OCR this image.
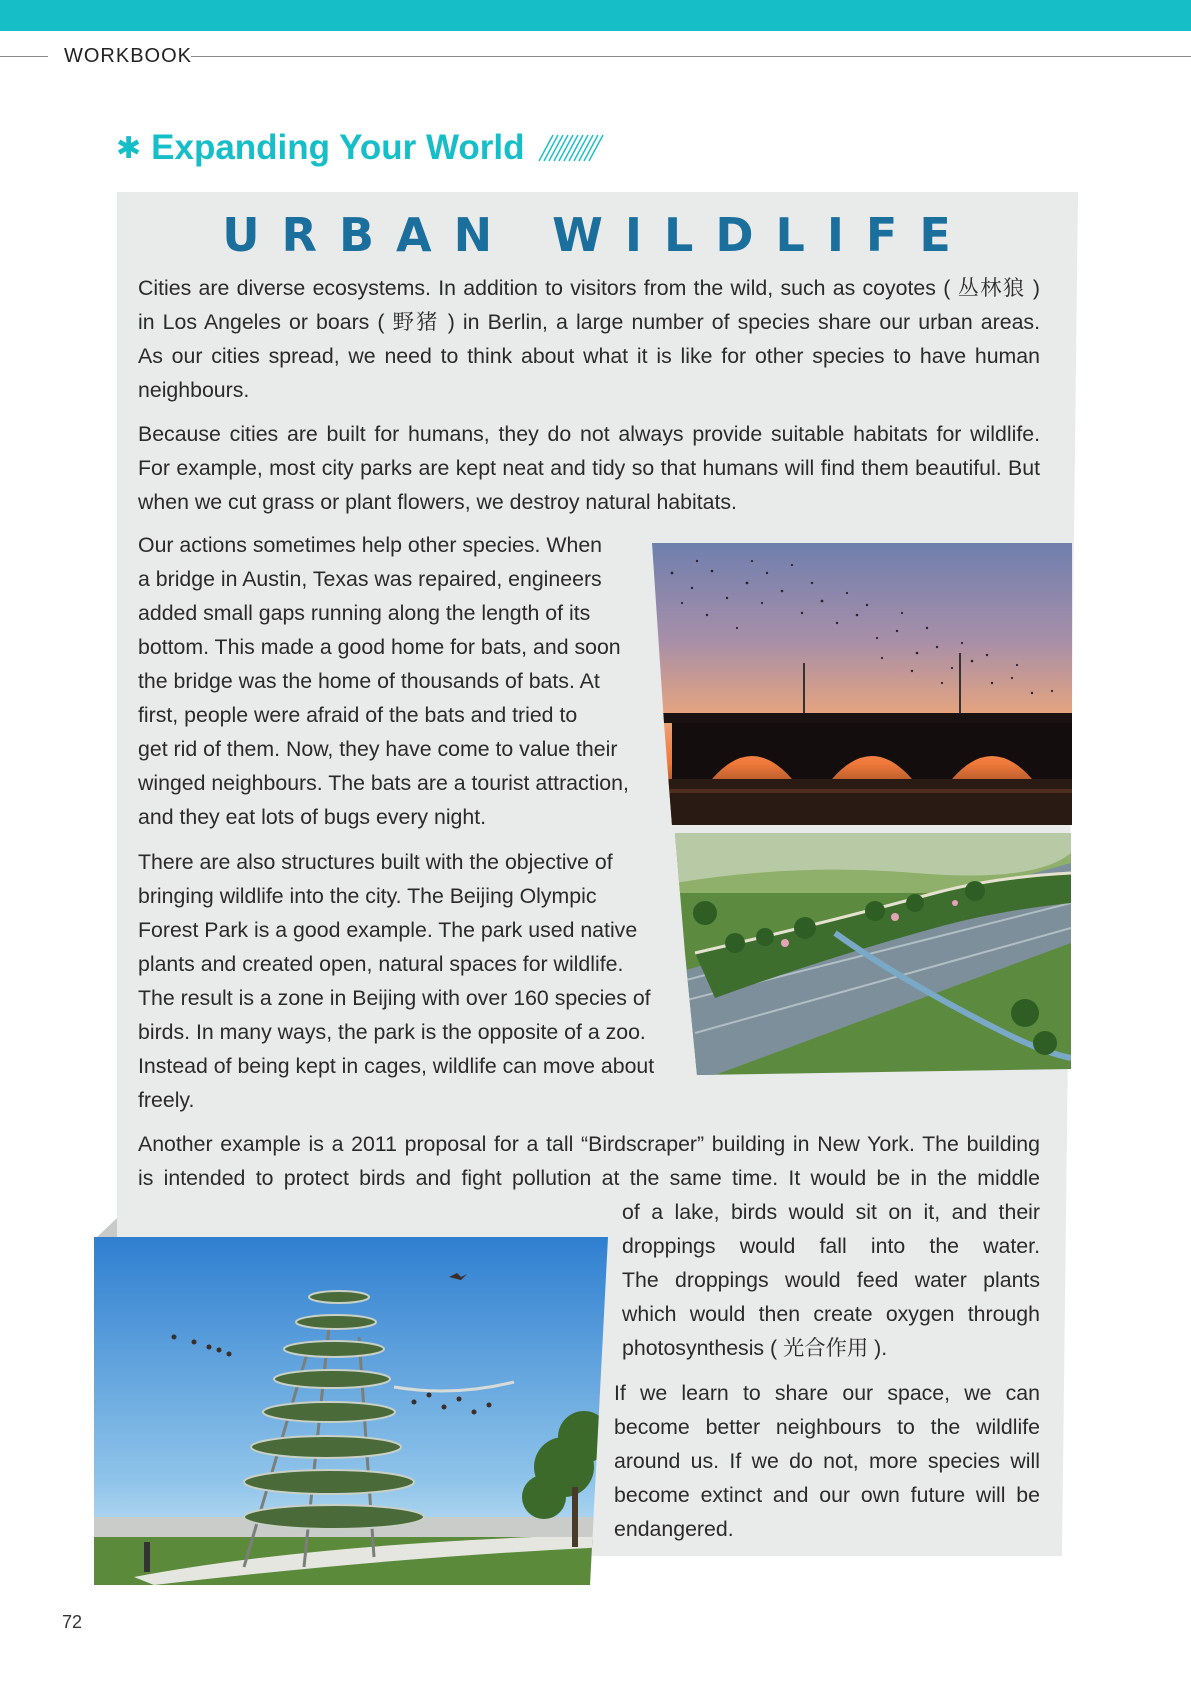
WORKBOOK
✱ Expanding Your World
URBAN WILDLIFE
Cities are diverse ecosystems. In addition to visitors from the wild, such as coyotes ( 丛林狼 )
in Los Angeles or boars ( 野猪 ) in Berlin, a large number of species share our urban areas.
As our cities spread, we need to think about what it is like for other species to have human
neighbours.
Because cities are built for humans, they do not always provide suitable habitats for wildlife.
For example, most city parks are kept neat and tidy so that humans will find them beautiful. But
when we cut grass or plant flowers, we destroy natural habitats.
Our actions sometimes help other species. When
a bridge in Austin, Texas was repaired, engineers
added small gaps running along the length of its
bottom. This made a good home for bats, and soon
the bridge was the home of thousands of bats. At
first, people were afraid of the bats and tried to
get rid of them. Now, they have come to value their
winged neighbours. The bats are a tourist attraction,
and they eat lots of bugs every night.
There are also structures built with the objective of
bringing wildlife into the city. The Beijing Olympic
Forest Park is a good example. The park used native
plants and created open, natural spaces for wildlife.
The result is a zone in Beijing with over 160 species of
birds. In many ways, the park is the opposite of a zoo.
Instead of being kept in cages, wildlife can move about
freely.
Another example is a 2011 proposal for a tall “Birdscraper” building in New York. The building
is intended to protect birds and fight pollution at the same time. It would be in the middle
of a lake, birds would sit on it, and their
droppings would fall into the water.
The droppings would feed water plants
which would then create oxygen through
photosynthesis ( 光合作用 ).
If we learn to share our space, we can
become better neighbours to the wildlife
around us. If we do not, more species will
become extinct and our own future will be
endangered.
72
